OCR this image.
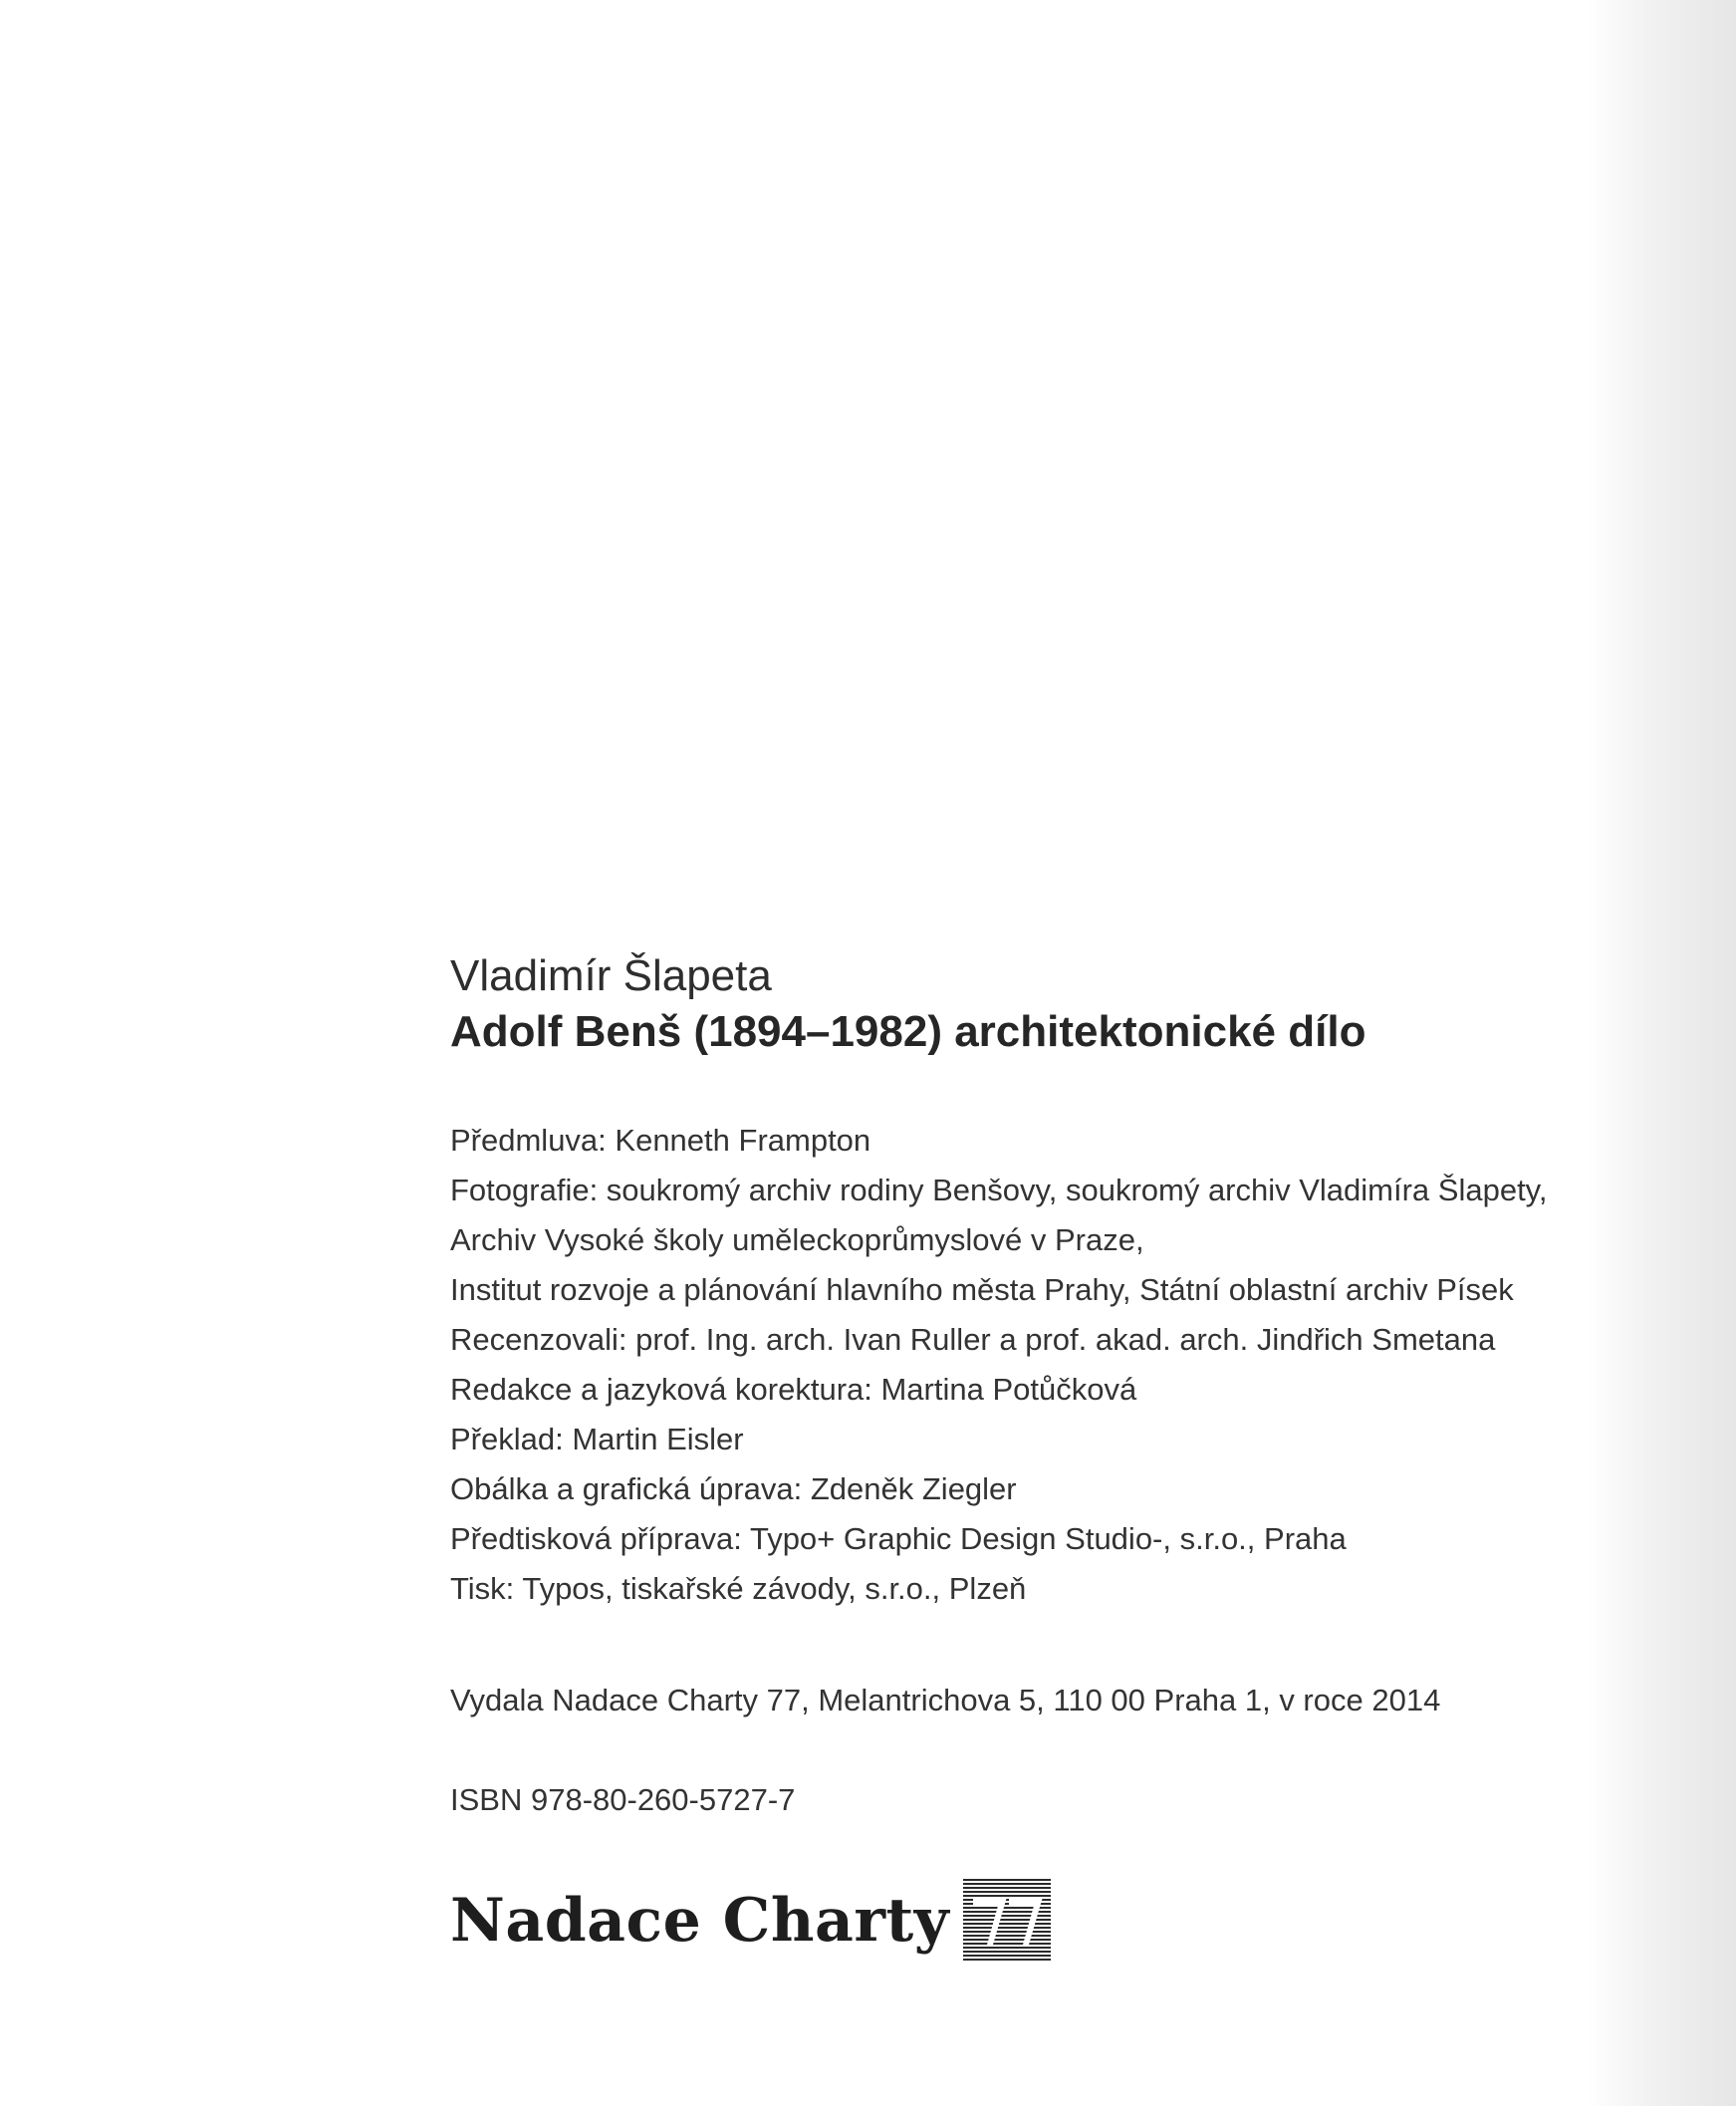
Vladimír Šlapeta

Adolf Benš (1894–1982) architektonické dílo

Předmluva: Kenneth Frampton
Fotografie: soukromý archiv rodiny Benšovy, soukromý archiv Vladimíra Šlapety,
Archiv Vysoké školy uměleckoprůmyslové v Praze,
Institut rozvoje a plánování hlavního města Prahy, Státní oblastní archiv Písek
Recenzovali: prof. Ing. arch. Ivan Ruller a prof. akad. arch. Jindřich Smetana
Redakce a jazyková korektura: Martina Potůčková
Překlad: Martin Eisler
Obálka a grafická úprava: Zdeněk Ziegler
Předtisková příprava: Typo+ Graphic Design Studio-, s.r.o., Praha
Tisk: Typos, tiskařské závody, s.r.o., Plzeň
Vydala Nadace Charty 77, Melantrichova 5, 110 00 Praha 1, v roce 2014
ISBN 978-80-260-5727-7
Nadace Charty
